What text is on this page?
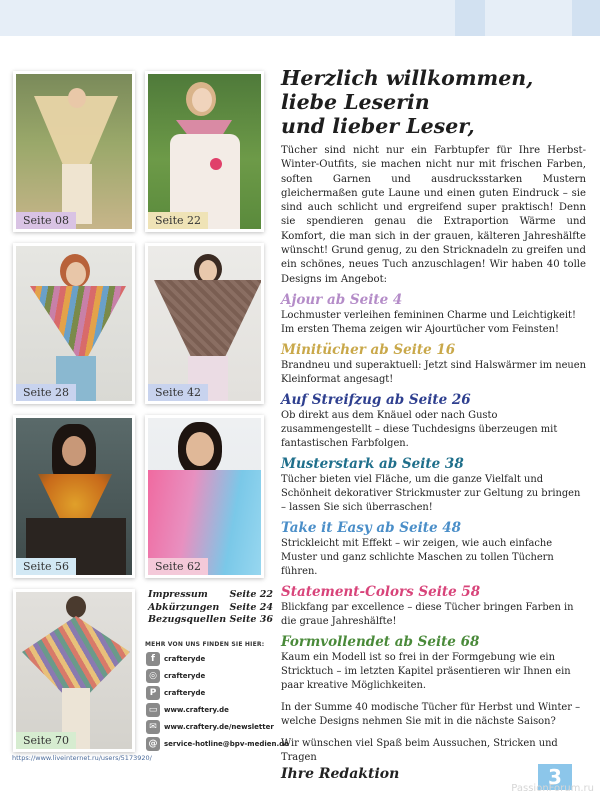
Seite 08	Seite 22
Seite 28	Seite 42
Seite 56	Seite 62
Seite 70
Impressum Seite 22
Abkürzungen Seite 24
Bezugsquellen Seite 36
MEHR VON UNS FINDEN SIE HIER:
f	crafteryde
◎	crafteryde
P	crafteryde
▭ www.craftery.de
✉	www.craftery.de/newsletter
@ service-hotline@bpv-medien.de
Herzlich willkommen,
liebe Leserin
und lieber Leser,

Tücher sind nicht nur ein Farbtupfer für Ihre Herbst-Winter-Outfits, sie machen nicht nur mit frischen Farben, soften Garnen und ausdrucksstarken Mustern gleichermaßen gute Laune und einen guten Eindruck – sie sind auch schlicht und ergreifend super praktisch! Denn sie spendieren genau die Extraportion Wärme und Komfort, die man sich in der grauen, kälteren Jahreshälfte wünscht! Grund genug, zu den Stricknadeln zu greifen und ein schönes, neues Tuch anzuschlagen! Wir haben 40 tolle Designs im Angebot:

Ajour ab Seite 4

Lochmuster verleihen femininen Charme und Leichtigkeit! Im ersten Thema zeigen wir Ajourtücher vom Feinsten!

Minitücher ab Seite 16

Brandneu und superaktuell: Jetzt sind Halswärmer im neuen Kleinformat angesagt!

Auf Streifzug ab Seite 26

Ob direkt aus dem Knäuel oder nach Gusto zusammengestellt – diese Tuchdesigns überzeugen mit fantastischen Farbfolgen.

Musterstark ab Seite 38

Tücher bieten viel Fläche, um die ganze Vielfalt und Schönheit dekorativer Strickmuster zur Geltung zu bringen – lassen Sie sich überraschen!

Take it Easy ab Seite 48

Strickleicht mit Effekt – wir zeigen, wie auch einfache Muster und ganz schlichte Maschen zu tollen Tüchern führen.

Statement-Colors Seite 58

Blickfang par excellence – diese Tücher bringen Farben in die graue Jahreshälfte!

Formvollendet ab Seite 68

Kaum ein Modell ist so frei in der Formgebung wie ein Stricktuch – im letzten Kapitel präsentieren wir Ihnen ein paar kreative Möglichkeiten.

In der Summe 40 modische Tücher für Herbst und Winter – welche Designs nehmen Sie mit in die nächste Saison?

Wir wünschen viel Spaß beim Aussuchen, Stricken und Tragen

Ihre Redaktion
https://www.liveinternet.ru/users/5173920/
3
PassionForum.ru
